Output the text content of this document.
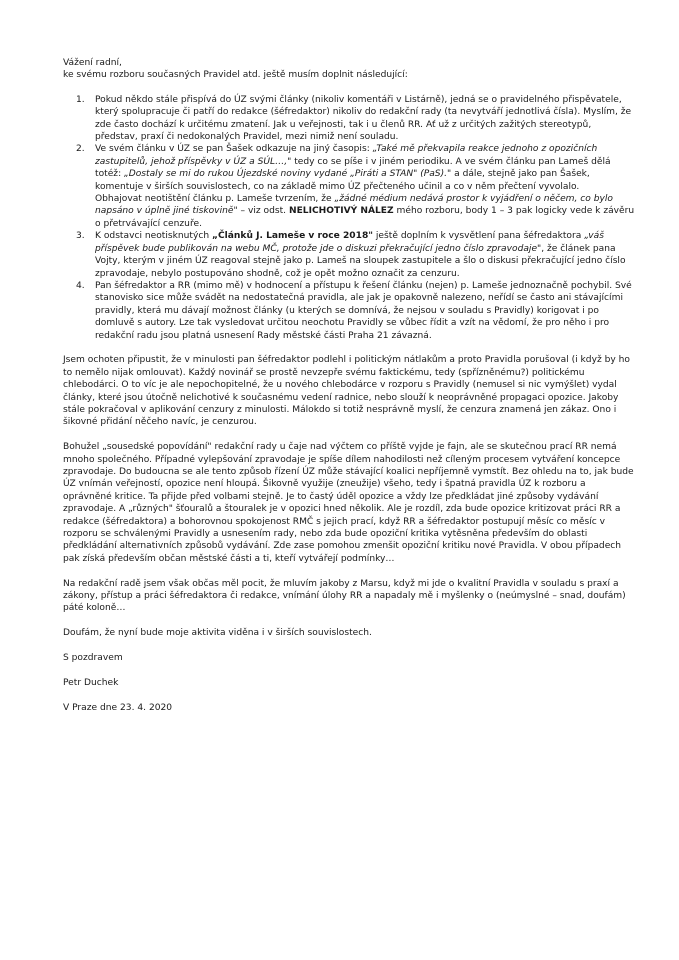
Vážení radní,

ke svému rozboru současných Pravidel atd. ještě musím doplnit následující:

1. Pokud někdo stále přispívá do ÚZ svými články (nikoliv komentáři v Listárně), jedná se o pravidelného přispěvatele, který spolupracuje či patří do redakce (šéfredaktor) nikoliv do redakční rady (ta nevytváří jednotlivá čísla). Myslím, že zde často dochází k určitému zmatení. Jak u veřejnosti, tak i u členů RR. Ať už z určitých zažitých stereotypů, představ, praxí či nedokonalých Pravidel, mezi nimiž není souladu.
2. Ve svém článku v ÚZ se pan Šašek odkazuje na jiný časopis: „Také mě překvapila reakce jednoho z opozičních zastupitelů, jehož příspěvky v ÚZ a SÚL…," tedy co se píše i v jiném periodiku. A ve svém článku pan Lameš dělá totéž: „Dostaly se mi do rukou Újezdské noviny vydané „Piráti a STAN" (PaS)." a dále, stejně jako pan Šašek, komentuje v širších souvislostech, co na základě mimo ÚZ přečteného učinil a co v něm přečtení vyvolalo.
Obhajovat neotištění článku p. Lameše tvrzením, že „žádné médium nedává prostor k vyjádření o něčem, co bylo napsáno v úplně jiné tiskovině" – viz odst. NELICHOTIVÝ NÁLEZ mého rozboru, body 1 – 3 pak logicky vede k závěru o přetrvávající cenzuře.
3. K odstavci neotisknutých „Článků J. Lameše v roce 2018" ještě doplním k vysvětlení pana šéfredaktora „váš příspěvek bude publikován na webu MČ, protože jde o diskuzi překračující jedno číslo zpravodaje", že článek pana Vojty, kterým v jiném ÚZ reagoval stejně jako p. Lameš na sloupek zastupitele a šlo o diskusi překračující jedno číslo zpravodaje, nebylo postupováno shodně, což je opět možno označit za cenzuru.
4. Pan šéfredaktor a RR (mimo mě) v hodnocení a přístupu k řešení článku (nejen) p. Lameše jednoznačně pochybil. Své stanovisko sice může svádět na nedostatečná pravidla, ale jak je opakovně nalezeno, neřídí se často ani stávajícími pravidly, která mu dávají možnost články (u kterých se domnívá, že nejsou v souladu s Pravidly) korigovat i po domluvě s autory. Lze tak vysledovat určitou neochotu Pravidly se vůbec řídit a vzít na vědomí, že pro něho i pro redakční radu jsou platná usnesení Rady městské části Praha 21 závazná.

Jsem ochoten připustit, že v minulosti pan šéfredaktor podlehl i politickým nátlakům a proto Pravidla porušoval (i když by ho to nemělo nijak omlouvat). Každý novinář se prostě nevzepře svému faktickému, tedy (spřízněnému?) politickému chlebodárci. O to víc je ale nepochopitelné, že u nového chlebodárce v rozporu s Pravidly (nemusel si nic vymýšlet) vydal články, které jsou útočně nelichotivé k současnému vedení radnice, nebo slouží k neoprávněné propagaci opozice. Jakoby stále pokračoval v aplikování cenzury z minulosti. Málokdo si totiž nesprávně myslí, že cenzura znamená jen zákaz. Ono i šikovné přidání něčeho navíc, je cenzurou.

Bohužel „sousedské popovídání" redakční rady u čaje nad výčtem co příště vyjde je fajn, ale se skutečnou prací RR nemá mnoho společného. Případné vylepšování zpravodaje je spíše dílem nahodilosti než cíleným procesem vytváření koncepce zpravodaje. Do budoucna se ale tento způsob řízení ÚZ může stávající koalici nepříjemně vymstít. Bez ohledu na to, jak bude ÚZ vnímán veřejností, opozice není hloupá. Šikovně využije (zneužije) všeho, tedy i špatná pravidla ÚZ k rozboru a oprávněné kritice. Ta přijde před volbami stejně. Je to častý úděl opozice a vždy lze předkládat jiné způsoby vydávání zpravodaje. A „různých" šťouralů a štouralek je v opozici hned několik. Ale je rozdíl, zda bude opozice kritizovat práci RR a redakce (šéfredaktora) a bohorovnou spokojenost RMČ s jejich prací, když RR a šéfredaktor postupují měsíc co měsíc v rozporu se schválenými Pravidly a usnesením rady, nebo zda bude opoziční kritika vytěsněna především do oblasti předkládání alternativních způsobů vydávání. Zde zase pomohou zmenšit opoziční kritiku nové Pravidla. V obou případech pak získá především občan městské části a ti, kteří vytvářejí podmínky…

Na redakční radě jsem však občas měl pocit, že mluvím jakoby z Marsu, když mi jde o kvalitní Pravidla v souladu s praxí a zákony, přístup a práci šéfredaktora či redakce, vnímání úlohy RR a napadaly mě i myšlenky o (neúmyslné – snad, doufám) páté koloně…

Doufám, že nyní bude moje aktivita viděna i v širších souvislostech.

S pozdravem

Petr Duchek

V Praze dne 23. 4. 2020
